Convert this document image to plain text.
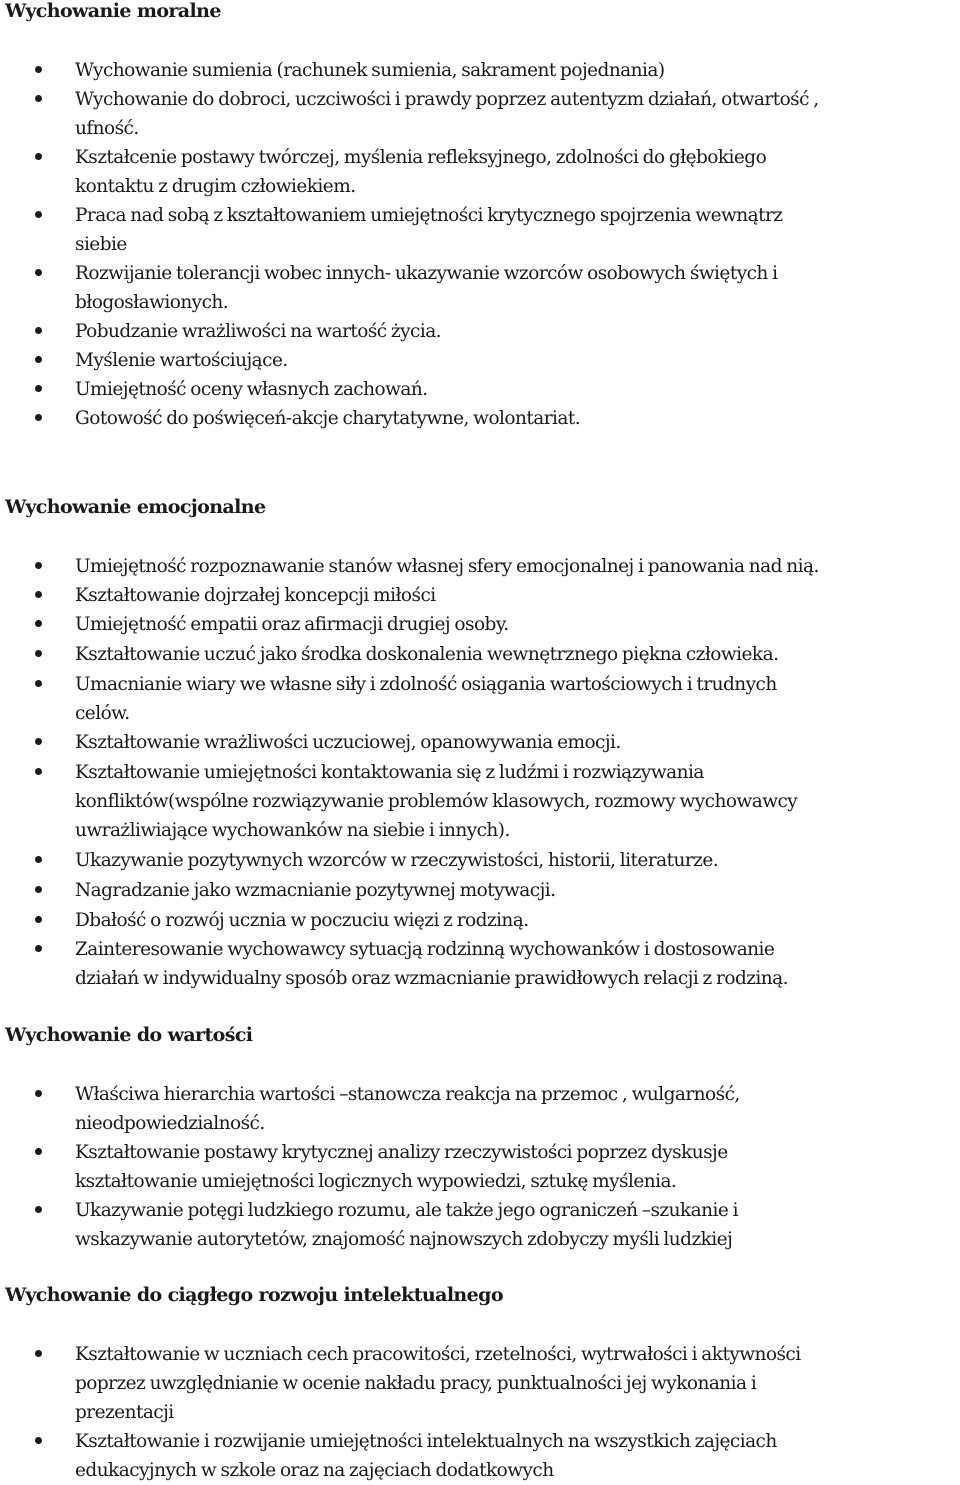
Wychowanie moralne
Wychowanie sumienia (rachunek sumienia, sakrament pojednania)
Wychowanie do dobroci, uczciwości i prawdy poprzez autentyzm działań, otwartość ,
ufność.
Kształcenie postawy twórczej, myślenia refleksyjnego, zdolności do głębokiego
kontaktu z drugim człowiekiem.
Praca nad sobą z kształtowaniem umiejętności krytycznego spojrzenia wewnątrz
siebie
Rozwijanie tolerancji wobec innych- ukazywanie wzorców osobowych świętych i
błogosławionych.
Pobudzanie wrażliwości na wartość życia.
Myślenie wartościujące.
Umiejętność oceny własnych zachowań.
Gotowość do poświęceń-akcje charytatywne, wolontariat.
Wychowanie emocjonalne
Umiejętność rozpoznawanie stanów własnej sfery emocjonalnej i panowania nad nią.
Kształtowanie dojrzałej koncepcji miłości
Umiejętność empatii oraz afirmacji drugiej osoby.
Kształtowanie uczuć jako środka doskonalenia wewnętrznego piękna człowieka.
Umacnianie wiary we własne siły i zdolność osiągania wartościowych i trudnych
celów.
Kształtowanie wrażliwości uczuciowej, opanowywania emocji.
Kształtowanie umiejętności kontaktowania się z ludźmi i rozwiązywania
konfliktów(wspólne rozwiązywanie problemów klasowych, rozmowy wychowawcy
uwrażliwiające wychowanków na siebie i innych).
Ukazywanie pozytywnych wzorców w rzeczywistości, historii, literaturze.
Nagradzanie jako wzmacnianie pozytywnej motywacji.
Dbałość o rozwój ucznia w poczuciu więzi z rodziną.
Zainteresowanie wychowawcy sytuacją rodzinną wychowanków i dostosowanie
działań w indywidualny sposób oraz wzmacnianie prawidłowych relacji z rodziną.
Wychowanie do wartości
Właściwa hierarchia wartości –stanowcza reakcja na przemoc , wulgarność,
nieodpowiedzialność.
Kształtowanie postawy krytycznej analizy rzeczywistości poprzez dyskusje
kształtowanie umiejętności logicznych wypowiedzi, sztukę myślenia.
Ukazywanie potęgi ludzkiego rozumu, ale także jego ograniczeń –szukanie i
wskazywanie autorytetów, znajomość najnowszych zdobyczy myśli ludzkiej
Wychowanie do ciągłego rozwoju intelektualnego
Kształtowanie w uczniach cech pracowitości, rzetelności, wytrwałości i aktywności
poprzez uwzględnianie w ocenie nakładu pracy, punktualności jej wykonania i
prezentacji
Kształtowanie i rozwijanie umiejętności intelektualnych na wszystkich zajęciach
edukacyjnych w szkole oraz na zajęciach dodatkowych
